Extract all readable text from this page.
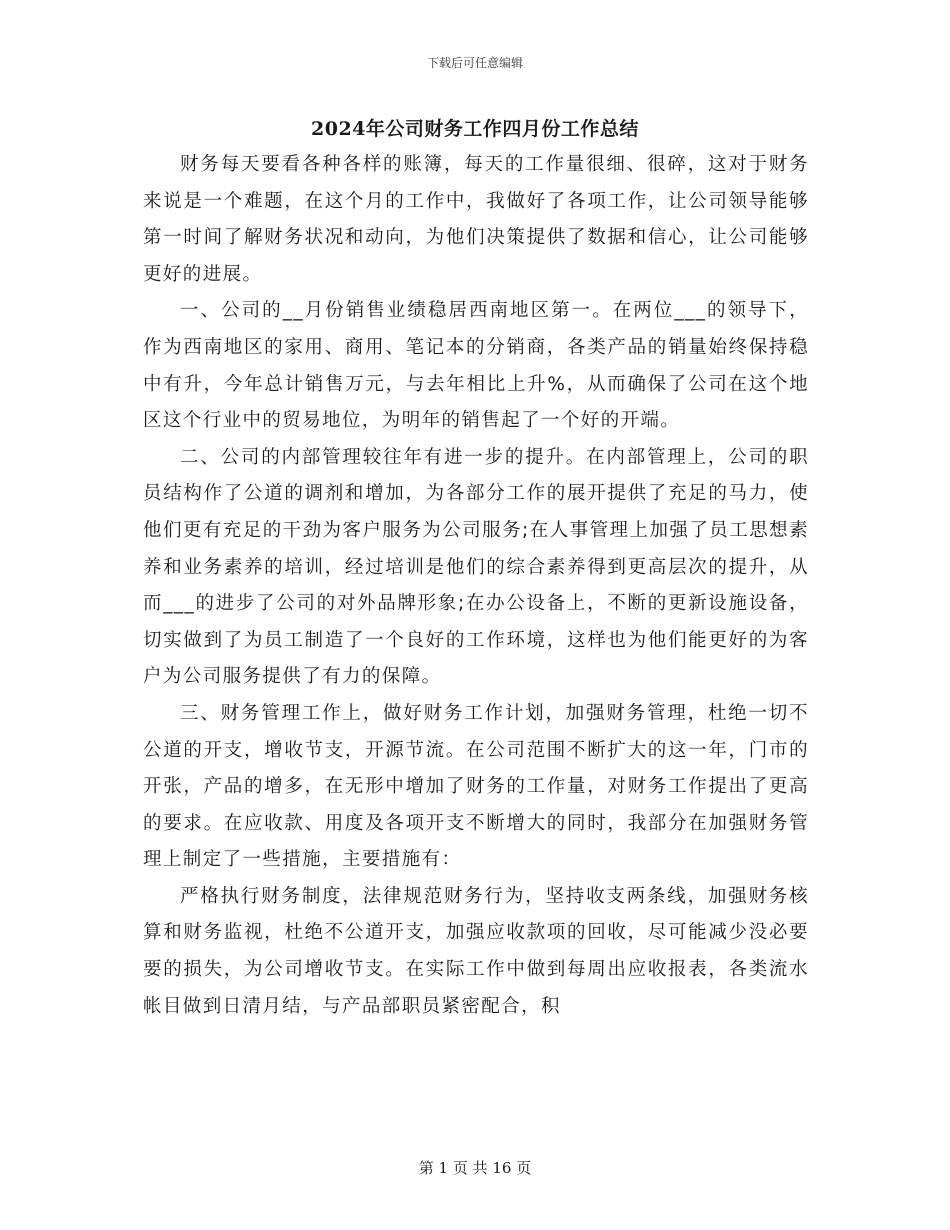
下载后可任意编辑
2024年公司财务工作四月份工作总结

财务每天要看各种各样的账簿，每天的工作量很细、很碎，这对于财务来说是一个难题，在这个月的工作中，我做好了各项工作，让公司领导能够第一时间了解财务状况和动向，为他们决策提供了数据和信心，让公司能够更好的进展。

一、公司的__月份销售业绩稳居西南地区第一。在两位___的领导下，作为西南地区的家用、商用、笔记本的分销商，各类产品的销量始终保持稳中有升，今年总计销售万元，与去年相比上升%，从而确保了公司在这个地区这个行业中的贸易地位，为明年的销售起了一个好的开端。

二、公司的内部管理较往年有进一步的提升。在内部管理上，公司的职员结构作了公道的调剂和增加，为各部分工作的展开提供了充足的马力，使他们更有充足的干劲为客户服务为公司服务;在人事管理上加强了员工思想素养和业务素养的培训，经过培训是他们的综合素养得到更高层次的提升，从而___的进步了公司的对外品牌形象;在办公设备上，不断的更新设施设备，切实做到了为员工制造了一个良好的工作环境，这样也为他们能更好的为客户为公司服务提供了有力的保障。

三、财务管理工作上，做好财务工作计划，加强财务管理，杜绝一切不公道的开支，增收节支，开源节流。在公司范围不断扩大的这一年，门市的开张，产品的增多，在无形中增加了财务的工作量，对财务工作提出了更高的要求。在应收款、用度及各项开支不断增大的同时，我部分在加强财务管理上制定了一些措施，主要措施有：

严格执行财务制度，法律规范财务行为，坚持收支两条线，加强财务核算和财务监视，杜绝不公道开支，加强应收款项的回收，尽可能减少没必要要的损失，为公司增收节支。在实际工作中做到每周出应收报表，各类流水帐目做到日清月结，与产品部职员紧密配合，积

第 1 页 共 16 页
